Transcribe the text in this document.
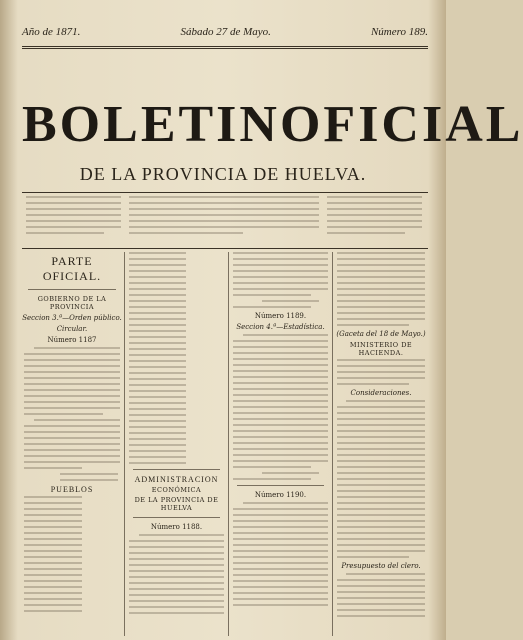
Año de 1871.	Sábado 27 de Mayo.	Número 189.
BOLETIN OFICIAL
DE LA PROVINCIA DE HUELVA.
PARTE OFICIAL.
GOBIERNO DE LA PROVINCIA
Seccion 3.ª—Orden público.
Circular.
Número 1187
PUEBLOS
ADMINISTRACION
ECONÓMICA
DE LA PROVINCIA DE HUELVA
Número 1188.
Número 1189.
Seccion 4.ª—Estadística.
Número 1190.
(Gaceta del 18 de Mayo.)
MINISTERIO DE HACIENDA.
Consideraciones.
Presupuesto del clero.
